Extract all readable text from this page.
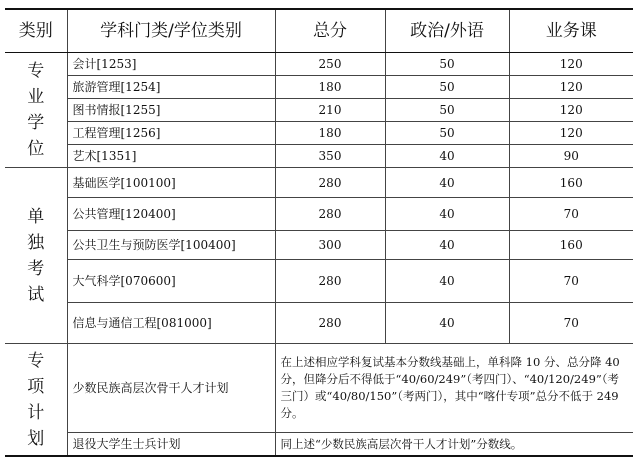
类别	学科门类/学位类别	总分	政治/外语	业务课

专业学位	会计[1253]	250	50	120
	旅游管理[1254]	180	50	120
	图书情报[1255]	210	50	120
	工程管理[1256]	180	50	120
	艺术[1351]	350	40	90

单独考试	基础医学[100100]	280	40	160
	公共管理[120400]	280	40	70
	公共卫生与预防医学[100400]	300	40	160
	大气科学[070600]	280	40	70
	信息与通信工程[081000]	280	40	70

专项计划	少数民族高层次骨干人才计划	在上述相应学科复试基本分数线基础上，单科降 10 分、总分降 40 分，但降分后不得低于“40/60/249”（考四门）、“40/120/249”（考三门）或“40/80/150”（考两门），其中“喀什专项”总分不低于 249 分。		
	退役大学生士兵计划	同上述“少数民族高层次骨干人才计划”分数线。		
